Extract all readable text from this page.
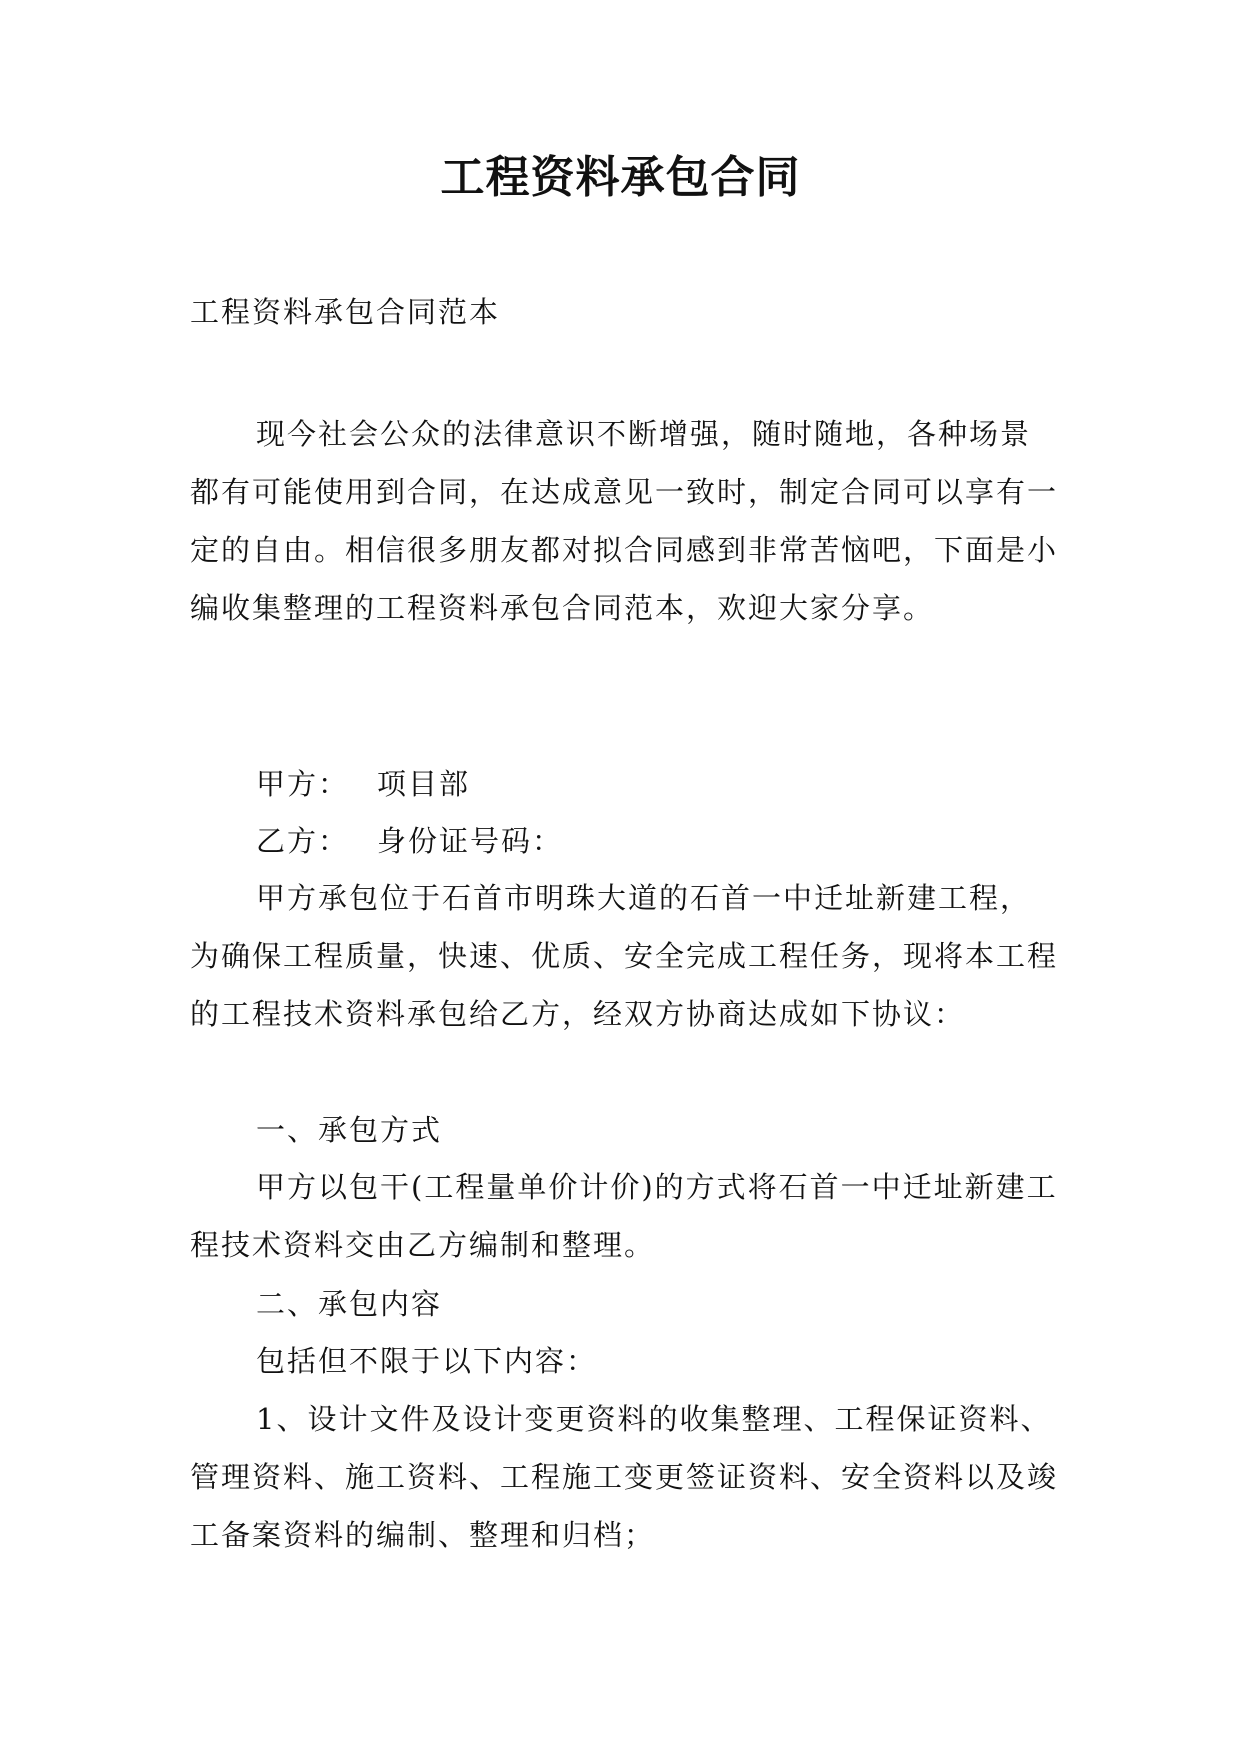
工程资料承包合同
工程资料承包合同范本

现今社会公众的法律意识不断增强，随时随地，各种场景都有可能使用到合同，在达成意见一致时，制定合同可以享有一定的自由。相信很多朋友都对拟合同感到非常苦恼吧，下面是小编收集整理的工程资料承包合同范本，欢迎大家分享。

甲方： 项目部

乙方： 身份证号码：

甲方承包位于石首市明珠大道的石首一中迁址新建工程，为确保工程质量，快速、优质、安全完成工程任务，现将本工程的工程技术资料承包给乙方，经双方协商达成如下协议：

一、承包方式

甲方以包干(工程量单价计价)的方式将石首一中迁址新建工程技术资料交由乙方编制和整理。

二、承包内容

包括但不限于以下内容：

1、设计文件及设计变更资料的收集整理、工程保证资料、管理资料、施工资料、工程施工变更签证资料、安全资料以及竣工备案资料的编制、整理和归档；
